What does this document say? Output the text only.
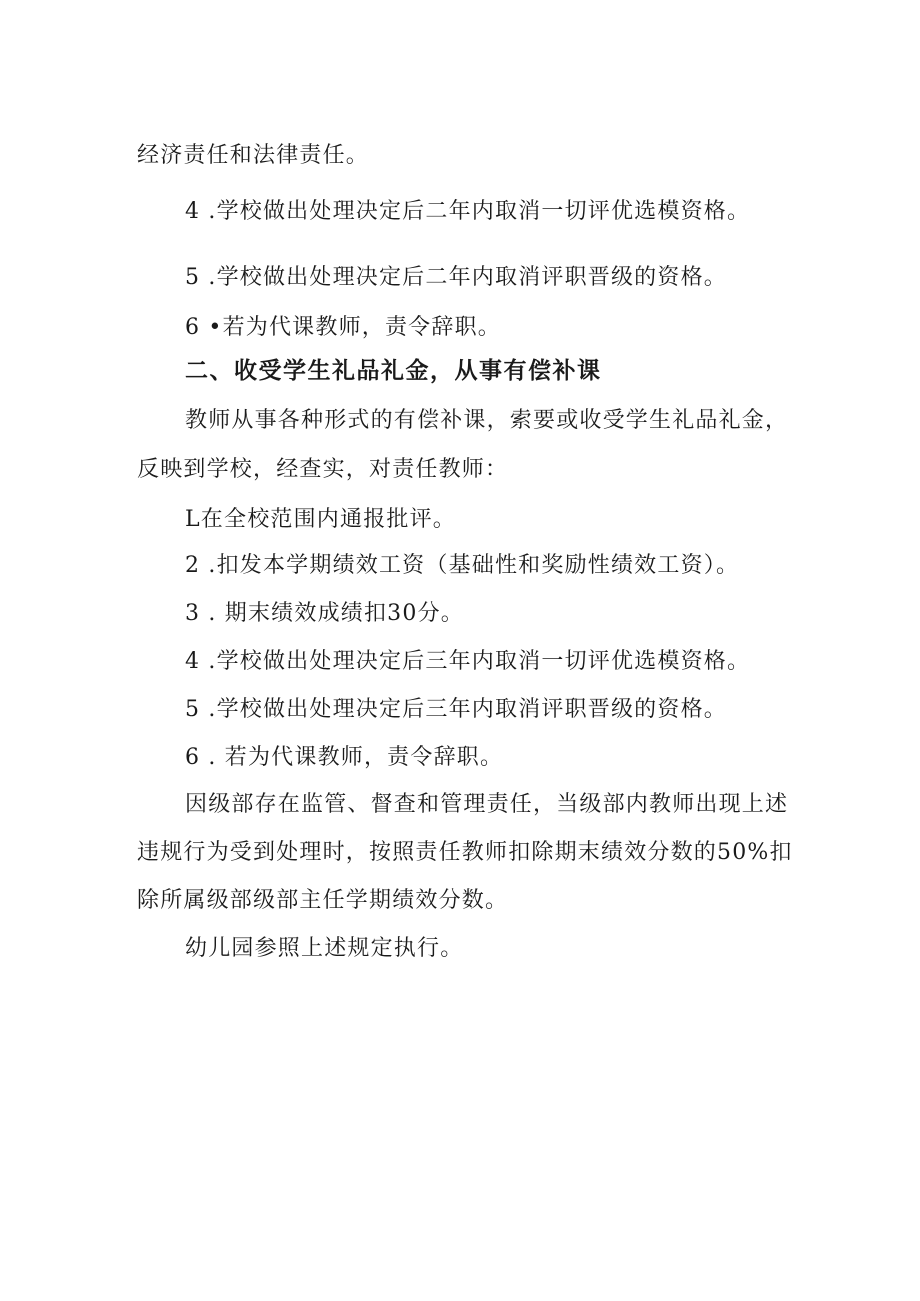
经济责任和法律责任。
4 .学校做出处理决定后二年内取消一切评优选模资格。
5 .学校做出处理决定后二年内取消评职晋级的资格。
6 •若为代课教师，责令辞职。
二、收受学生礼品礼金，从事有偿补课
教师从事各种形式的有偿补课，索要或收受学生礼品礼金，
反映到学校，经查实，对责任教师：
L在全校范围内通报批评。
2 .扣发本学期绩效工资（基础性和奖励性绩效工资）。
3 . 期末绩效成绩扣30分。
4 .学校做出处理决定后三年内取消一切评优选模资格。
5 .学校做出处理决定后三年内取消评职晋级的资格。
6 . 若为代课教师，责令辞职。
因级部存在监管、督查和管理责任，当级部内教师出现上述
违规行为受到处理时，按照责任教师扣除期末绩效分数的50%扣
除所属级部级部主任学期绩效分数。
幼儿园参照上述规定执行。
